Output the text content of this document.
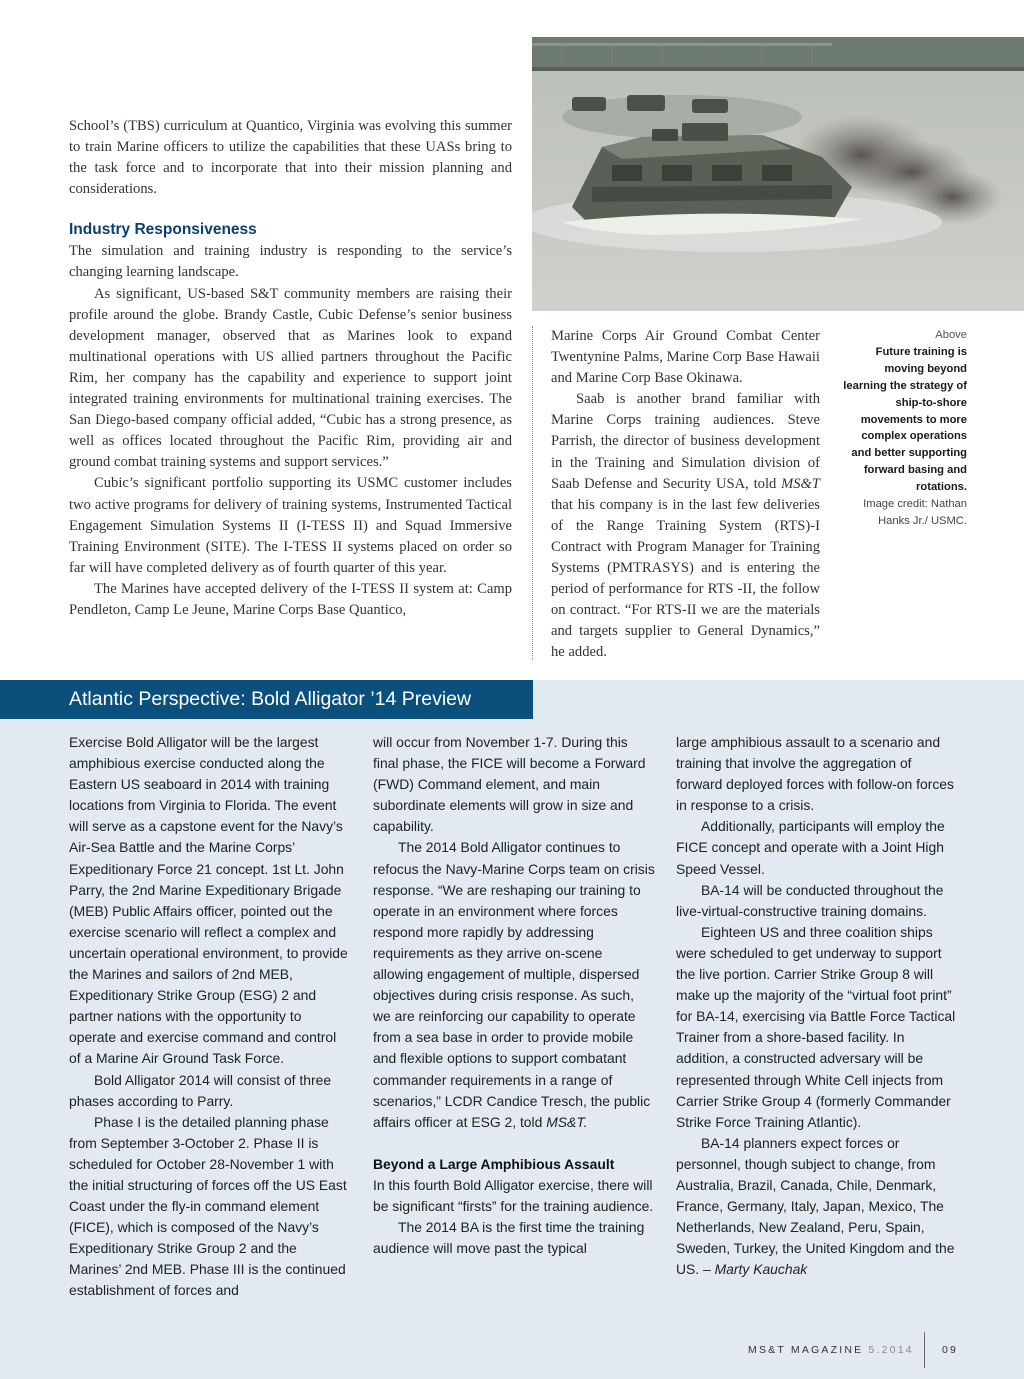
School’s (TBS) curriculum at Quantico, Virginia was evolving this summer to train Marine officers to utilize the capabilities that these UASs bring to the task force and to incorporate that into their mission planning and considerations.

Industry Responsiveness

The simulation and training industry is responding to the service’s changing learning landscape.

As significant, US-based S&T community members are raising their profile around the globe. Brandy Castle, Cubic Defense’s senior business development manager, observed that as Marines look to expand multinational operations with US allied partners throughout the Pacific Rim, her company has the capability and experience to support joint integrated training environments for multinational training exercises. The San Diego-based company official added, “Cubic has a strong presence, as well as offices located throughout the Pacific Rim, providing air and ground combat training systems and support services.”

Cubic’s significant portfolio supporting its USMC customer includes two active programs for delivery of training systems, Instrumented Tactical Engagement Simulation Systems II (I-TESS II) and Squad Immersive Training Environment (SITE). The I-TESS II systems placed on order so far will have completed delivery as of fourth quarter of this year.

The Marines have accepted delivery of the I-TESS II system at: Camp Pendleton, Camp Le Jeune, Marine Corps Base Quantico,

Marine Corps Air Ground Combat Center Twentynine Palms, Marine Corp Base Hawaii and Marine Corp Base Okinawa.

Saab is another brand familiar with Marine Corps training audiences. Steve Parrish, the director of business development in the Training and Simulation division of Saab Defense and Security USA, told MS&T that his company is in the last few deliveries of the Range Training System (RTS)-I Contract with Program Manager for Training Systems (PMTRASYS) and is entering the period of performance for RTS -II, the follow on contract. “For RTS-II we are the materials and targets supplier to General Dynamics,” he added.

Above
Future training is moving beyond learning the strategy of ship-to-shore movements to more complex operations and better supporting forward basing and rotations.
Image credit: Nathan Hanks Jr./ USMC.
Atlantic Perspective: Bold Alligator ’14 Preview

Exercise Bold Alligator will be the largest amphibious exercise conducted along the Eastern US seaboard in 2014 with training locations from Virginia to Florida. The event will serve as a capstone event for the Navy’s Air-Sea Battle and the Marine Corps’ Expeditionary Force 21 concept. 1st Lt. John Parry, the 2nd Marine Expeditionary Brigade (MEB) Public Affairs officer, pointed out the exercise scenario will reflect a complex and uncertain operational environment, to provide the Marines and sailors of 2nd MEB, Expeditionary Strike Group (ESG) 2 and partner nations with the opportunity to operate and exercise command and control of a Marine Air Ground Task Force.

Bold Alligator 2014 will consist of three phases according to Parry.

Phase I is the detailed planning phase from September 3-October 2. Phase II is scheduled for October 28-November 1 with the initial structuring of forces off the US East Coast under the fly-in command element (FICE), which is composed of the Navy’s Expeditionary Strike Group 2 and the Marines’ 2nd MEB. Phase III is the continued establishment of forces and

will occur from November 1-7. During this final phase, the FICE will become a Forward (FWD) Command element, and main subordinate elements will grow in size and capability.

The 2014 Bold Alligator continues to refocus the Navy-Marine Corps team on crisis response. “We are reshaping our training to operate in an environment where forces respond more rapidly by addressing requirements as they arrive on-scene allowing engagement of multiple, dispersed objectives during crisis response. As such, we are reinforcing our capability to operate from a sea base in order to provide mobile and flexible options to support combatant commander requirements in a range of scenarios,” LCDR Candice Tresch, the public affairs officer at ESG 2, told MS&T.

Beyond a Large Amphibious Assault

In this fourth Bold Alligator exercise, there will be significant “firsts” for the training audience.

The 2014 BA is the first time the training audience will move past the typical

large amphibious assault to a scenario and training that involve the aggregation of forward deployed forces with follow-on forces in response to a crisis.

Additionally, participants will employ the FICE concept and operate with a Joint High Speed Vessel.

BA-14 will be conducted throughout the live-virtual-constructive training domains.

Eighteen US and three coalition ships were scheduled to get underway to support the live portion. Carrier Strike Group 8 will make up the majority of the “virtual foot print” for BA-14, exercising via Battle Force Tactical Trainer from a shore-based facility. In addition, a constructed adversary will be represented through White Cell injects from Carrier Strike Group 4 (formerly Commander Strike Force Training Atlantic).

BA-14 planners expect forces or personnel, though subject to change, from Australia, Brazil, Canada, Chile, Denmark, France, Germany, Italy, Japan, Mexico, The Netherlands, New Zealand, Peru, Spain, Sweden, Turkey, the United Kingdom and the US. – Marty Kauchak

MS&T MAGAZINE 5.2014	09
